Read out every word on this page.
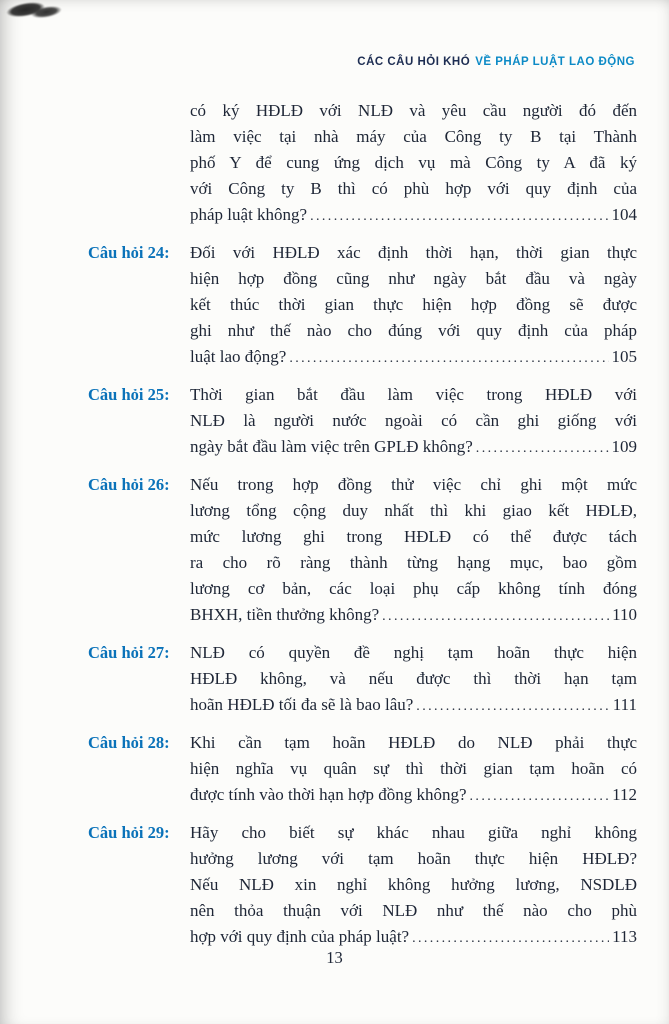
CÁC CÂU HỎI KHÓ VỀ PHÁP LUẬT LAO ĐỘNG
có ký HĐLĐ với NLĐ và yêu cầu người đó đến
làm việc tại nhà máy của Công ty B tại Thành
phố Y để cung ứng dịch vụ mà Công ty A đã ký
với Công ty B thì có phù hợp với quy định của
pháp luật không? .....	104
Câu hỏi 24:	Đối với HĐLĐ xác định thời hạn, thời gian thực
hiện hợp đồng cũng như ngày bắt đầu và ngày
kết thúc thời gian thực hiện hợp đồng sẽ được
ghi như thế nào cho đúng với quy định của pháp
luật lao động? .....	105
Câu hỏi 25:	Thời gian bắt đầu làm việc trong HĐLĐ với
NLĐ là người nước ngoài có cần ghi giống với
ngày bắt đầu làm việc trên GPLĐ không? .....	109
Câu hỏi 26:	Nếu trong hợp đồng thử việc chỉ ghi một mức
lương tổng cộng duy nhất thì khi giao kết HĐLĐ,
mức lương ghi trong HĐLĐ có thể được tách
ra cho rõ ràng thành từng hạng mục, bao gồm
lương cơ bản, các loại phụ cấp không tính đóng
BHXH, tiền thưởng không? .....	110
Câu hỏi 27:	NLĐ có quyền đề nghị tạm hoãn thực hiện
HĐLĐ không, và nếu được thì thời hạn tạm
hoãn HĐLĐ tối đa sẽ là bao lâu? .....	111
Câu hỏi 28:	Khi cần tạm hoãn HĐLĐ do NLĐ phải thực
hiện nghĩa vụ quân sự thì thời gian tạm hoãn có
được tính vào thời hạn hợp đồng không? .....	112
Câu hỏi 29:	Hãy cho biết sự khác nhau giữa nghỉ không
hưởng lương với tạm hoãn thực hiện HĐLĐ?
Nếu NLĐ xin nghỉ không hưởng lương, NSDLĐ
nên thỏa thuận với NLĐ như thế nào cho phù
hợp với quy định của pháp luật? .....	113
13
